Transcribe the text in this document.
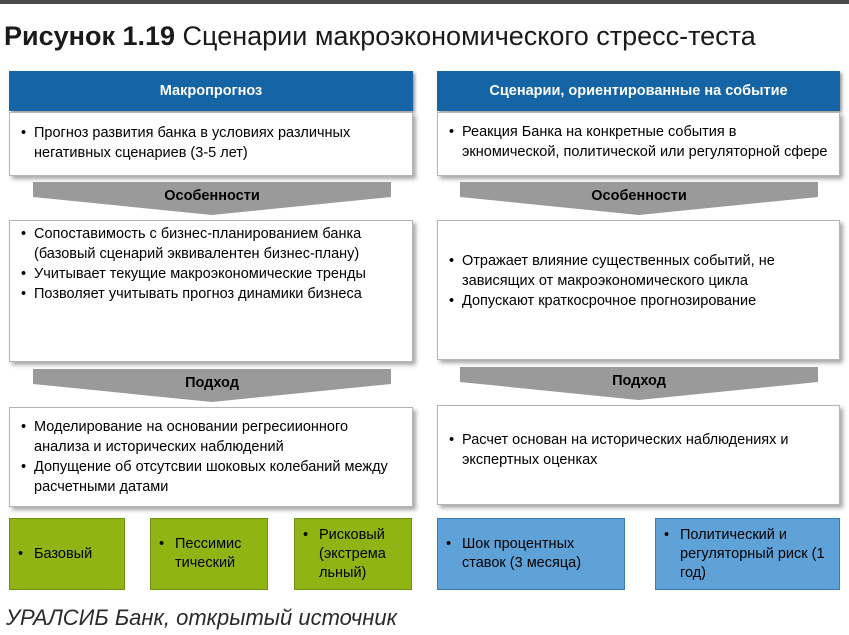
Рисунок 1.19 Сценарии макроэкономического стресс-теста
Макропрогноз
• Прогноз развития банка в условиях различных негативных сценариев (3-5 лет)
Особенности
• Сопоставимость с бизнес-планированием банка (базовый сценарий эквивалентен бизнес-плану)
• Учитывает текущие макроэкономические тренды
• Позволяет учитывать прогноз динамики бизнеса
Подход
• Моделирование на основании регресиионного анализа и исторических наблюдений
• Допущение об отсутсвии шоковых колебаний между расчетными датами
• Базовый
• Пессимис тический
• Рисковый (экстрема льный)
Сценарии, ориентированные на событие
• Реакция Банка на конкретные события в экномической, политической или регуляторной сфере
Особенности
• Отражает влияние существенных событий, не зависящих от макроэкономического цикла
• Допускают краткосрочное прогнозирование
Подход
• Расчет основан на исторических наблюдениях и экспертных оценках
• Шок процентных ставок (3 месяца)
• Политический и регуляторный риск (1 год)
УРАЛСИБ Банк, открытый источник
